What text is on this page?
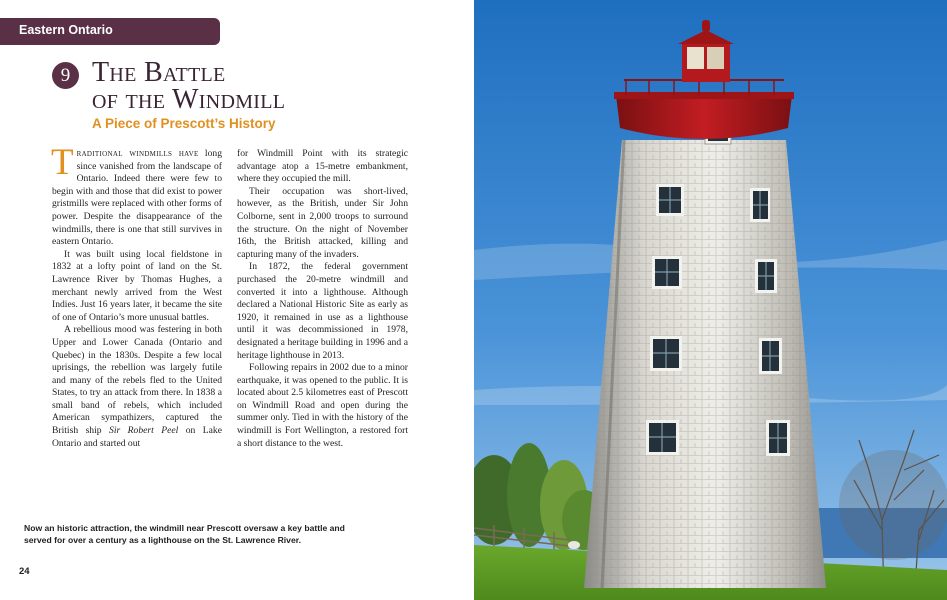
Eastern Ontario
9 The Battle
of the Windmill
A Piece of Prescott’s History

Traditional windmills have long since vanished from the landscape of Ontario. Indeed there were few to begin with and those that did exist to power gristmills were replaced with other forms of power. Despite the disappearance of the windmills, there is one that still survives in eastern Ontario.

It was built using local fieldstone in 1832 at a lofty point of land on the St. Lawrence River by Thomas Hughes, a merchant newly arrived from the West Indies. Just 16 years later, it became the site of one of Ontario’s more unusual battles.

A rebellious mood was festering in both Upper and Lower Canada (Ontario and Quebec) in the 1830s. Despite a few local uprisings, the rebellion was largely futile and many of the rebels fled to the United States, to try an attack from there. In 1838 a small band of rebels, which included American sympathizers, captured the British ship Sir Robert Peel on Lake Ontario and started out

for Windmill Point with its strategic advantage atop a 15-metre embankment, where they occupied the mill.

Their occupation was short-lived, however, as the British, under Sir John Colborne, sent in 2,000 troops to surround the structure. On the night of November 16th, the British attacked, killing and capturing many of the invaders.

In 1872, the federal government purchased the 20-metre windmill and converted it into a lighthouse. Although declared a National Historic Site as early as 1920, it remained in use as a lighthouse until it was decommissioned in 1978, designated a heritage building in 1996 and a heritage lighthouse in 2013.

Following repairs in 2002 due to a minor earthquake, it was opened to the public. It is located about 2.5 kilometres east of Prescott on Windmill Road and open during the summer only. Tied in with the history of the windmill is Fort Wellington, a restored fort a short distance to the west.

Now an historic attraction, the windmill near Prescott oversaw a key battle and served for over a century as a lighthouse on the St. Lawrence River.
24
